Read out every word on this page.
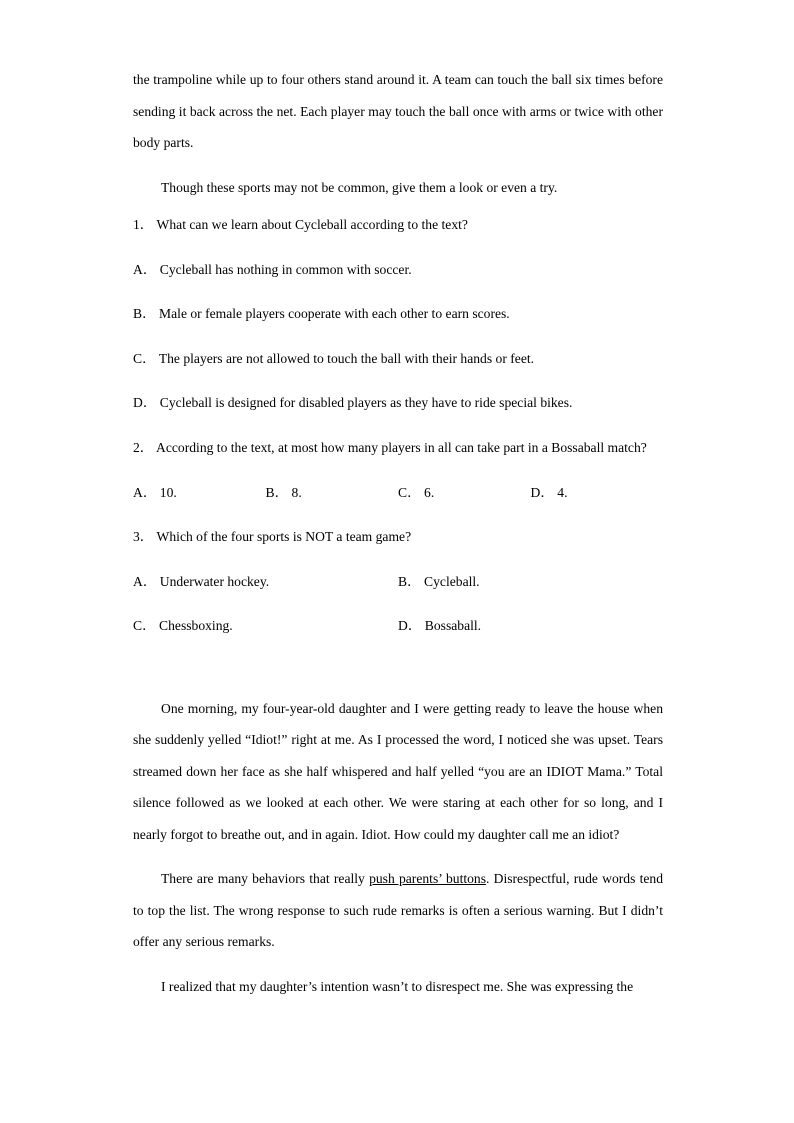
the trampoline while up to four others stand around it. A team can touch the ball six times before sending it back across the net. Each player may touch the ball once with arms or twice with other body parts.

Though these sports may not be common, give them a look or even a try.

1． What can we learn about Cycleball according to the text?

A． Cycleball has nothing in common with soccer.

B． Male or female players cooperate with each other to earn scores.

C． The players are not allowed to touch the ball with their hands or feet.

D． Cycleball is designed for disabled players as they have to ride special bikes.

2． According to the text, at most how many players in all can take part in a Bossaball match?

A． 10.	B． 8.	C． 6.	D． 4.

3． Which of the four sports is NOT a team game?

A． Underwater hockey.	B． Cycleball.
C． Chessboxing.	D． Bossaball.

One morning, my four-year-old daughter and I were getting ready to leave the house when she suddenly yelled “Idiot!” right at me. As I processed the word, I noticed she was upset. Tears streamed down her face as she half whispered and half yelled “you are an IDIOT Mama.” Total silence followed as we looked at each other. We were staring at each other for so long, and I nearly forgot to breathe out, and in again. Idiot. How could my daughter call me an idiot?

There are many behaviors that really push parents’ buttons. Disrespectful, rude words tend to top the list. The wrong response to such rude remarks is often a serious warning. But I didn’t offer any serious remarks.

I realized that my daughter’s intention wasn’t to disrespect me. She was expressing the
